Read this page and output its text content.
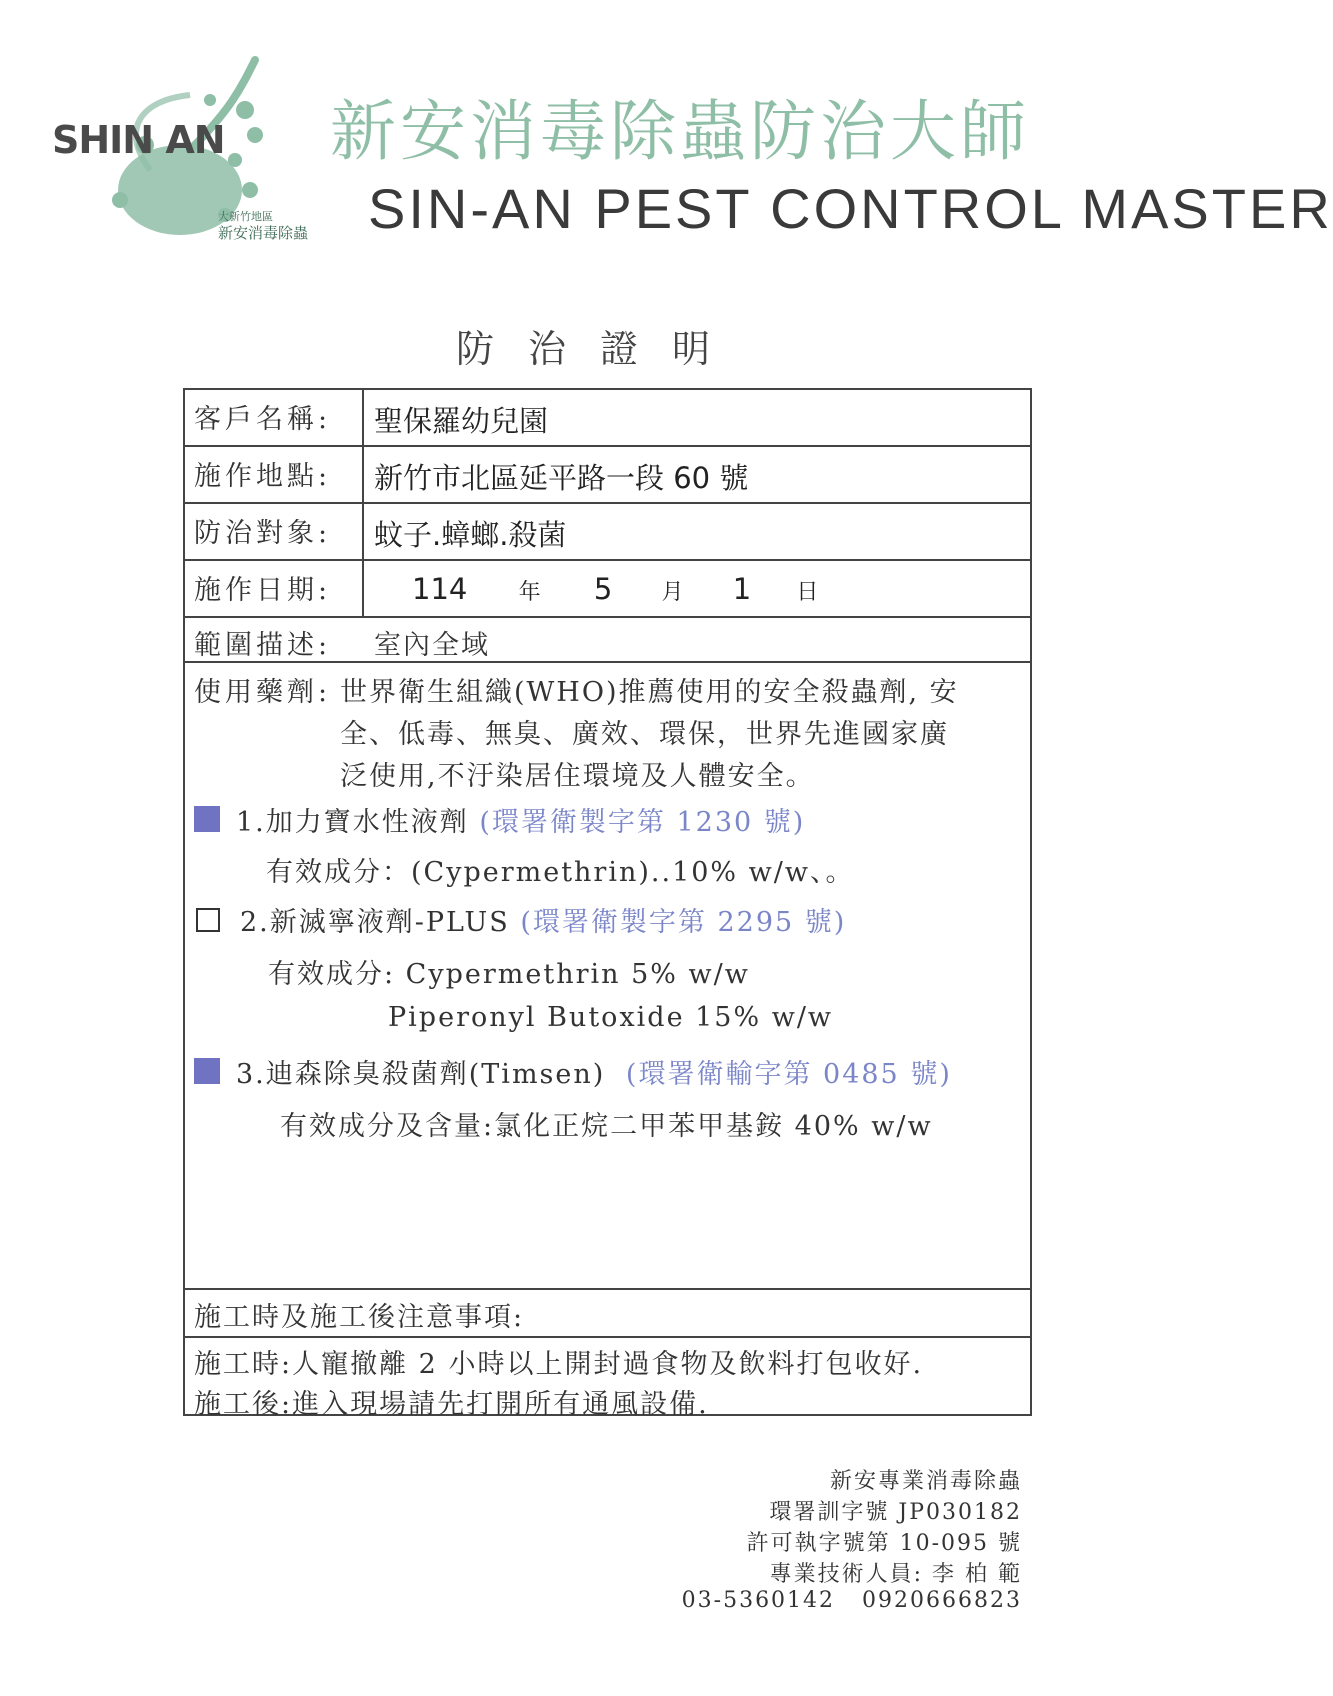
SHIN AN
大新竹地區
新安消毒除蟲
新安消毒除蟲防治大師
SIN-AN PEST CONTROL MASTER
防治證明
客戶名稱: 聖保羅幼兒園
施作地點: 新竹市北區延平路一段 60 號
防治對象: 蚊子.蟑螂.殺菌
施作日期:	114 年 5 月 1 日
範圍描述: 室內全域
使用藥劑: 世界衛生組織(WHO)推薦使用的安全殺蟲劑, 安
全、低毒、無臭、廣效、環保，世界先進國家廣
泛使用,不汙染居住環境及人體安全。
1.加力寶水性液劑 (環署衛製字第 1230 號)
有效成分：(Cypermethrin)..10% w/w、。
2.新滅寧液劑-PLUS (環署衛製字第 2295 號)
有效成分: Cypermethrin 5% w/w
Piperonyl Butoxide 15% w/w
3.迪森除臭殺菌劑(Timsen) (環署衛輸字第 0485 號)
有效成分及含量:氯化正烷二甲苯甲基銨 40% w/w
施工時及施工後注意事項:
施工時:人寵撤離 2 小時以上開封過食物及飲料打包收好.
施工後:進入現場請先打開所有通風設備.
新安專業消毒除蟲
環署訓字號 JP030182
許可執字號第 10-095 號
專業技術人員: 李 柏 範
03-5360142   0920666823
